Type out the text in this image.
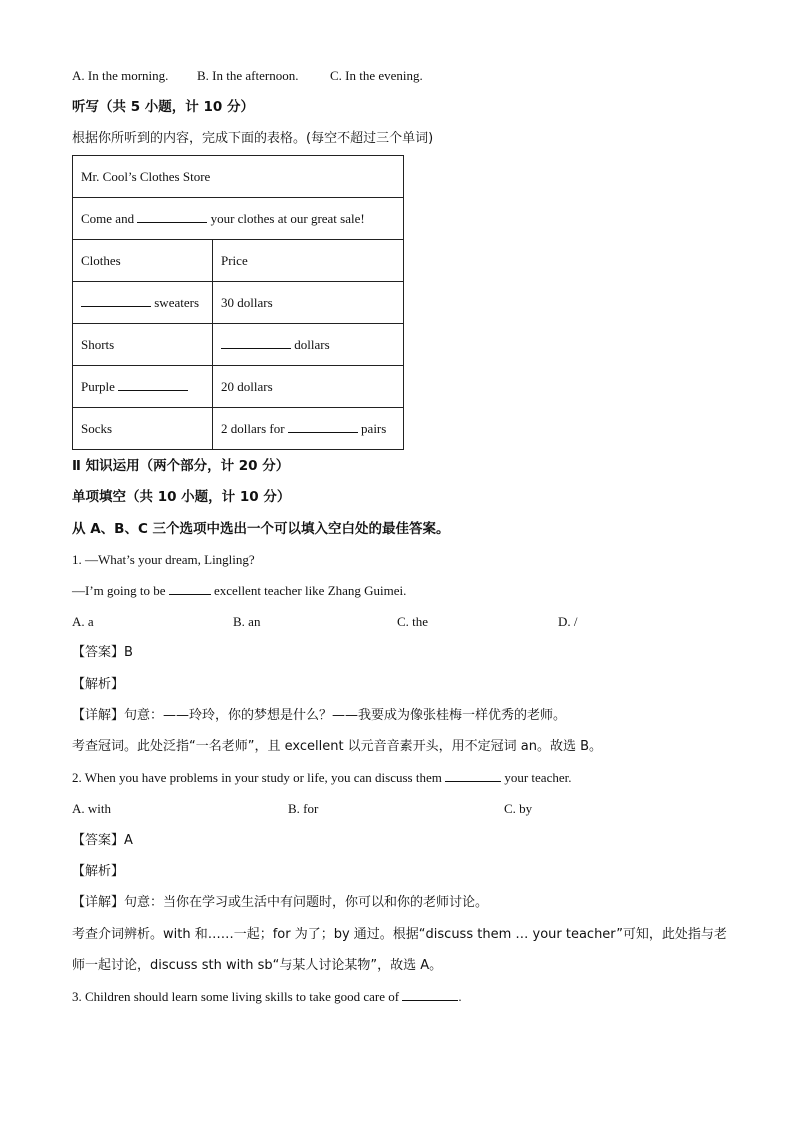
A. In the morning. B. In the afternoon. C. In the evening.
听写（共 5 小题，计 10 分）
根据你所听到的内容，完成下面的表格。(每空不超过三个单词)
Mr. Cool’s Clothes Store	
Come and your clothes at our great sale!	
Clothes	Price
sweaters	30 dollars
Shorts	dollars
Purple	20 dollars
Socks	2 dollars for pairs
Ⅱ 知识运用（两个部分，计 20 分）
单项填空（共 10 小题，计 10 分）
从 A、B、C 三个选项中选出一个可以填入空白处的最佳答案。
1. —What’s your dream, Lingling?
—I’m going to be	excellent teacher like Zhang Guimei.
A. a	B. an	C. the	D. /
【答案】B
【解析】
【详解】句意：——玲玲，你的梦想是什么？——我要成为像张桂梅一样优秀的老师。
考查冠词。此处泛指“一名老师”，且 excellent 以元音音素开头，用不定冠词 an。故选 B。
2. When you have problems in your study or life, you can discuss them	your teacher.
A. with	B. for	C. by
【答案】A
【解析】
【详解】句意：当你在学习或生活中有问题时，你可以和你的老师讨论。
考查介词辨析。with 和……一起；for 为了；by 通过。根据“discuss them … your teacher”可知，此处指与老
师一起讨论，discuss sth with sb“与某人讨论某物”，故选 A。
3. Children should learn some living skills to take good care of	.
